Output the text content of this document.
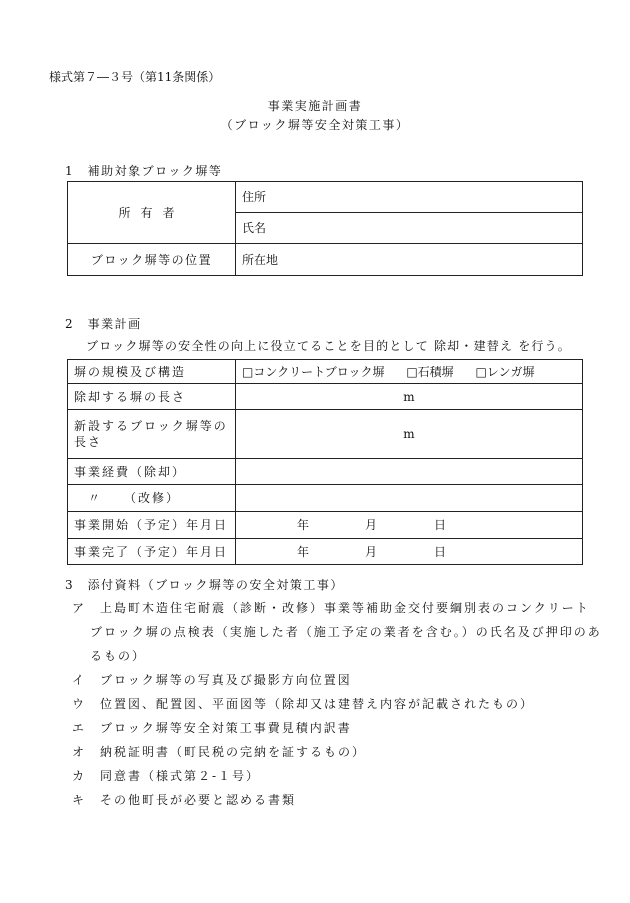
様式第７―３号（第11条関係）
事業実施計画書
（ブロック塀等安全対策工事）
1　補助対象ブロック塀等
所有者	住所
	氏名
ブロック塀等の位置	所在地
2　事業計画
ブロック塀等の安全性の向上に役立てることを目的として 除却・建替え を行う。
塀の規模及び構造	□コンクリートブロック塀 □石積塀 □レンガ塀
除却する塀の長さ	m
新設するブロック塀等の
長さ	m
事業経費（除却）	
〃　　（改修）	
事業開始（予定）年月日	年 月 日

事業完了（予定）年月日	年 月 日
3　添付資料（ブロック塀等の安全対策工事）
ア　上島町木造住宅耐震（診断・改修）事業等補助金交付要綱別表のコンクリート
ブロック塀の点検表（実施した者（施工予定の業者を含む。）の氏名及び押印のあ
るもの）
イ　ブロック塀等の写真及び撮影方向位置図
ウ　位置図、配置図、平面図等（除却又は建替え内容が記載されたもの）
エ　ブロック塀等安全対策工事費見積内訳書
オ　納税証明書（町民税の完納を証するもの）
カ　同意書（様式第２-１号）
キ　その他町長が必要と認める書類
